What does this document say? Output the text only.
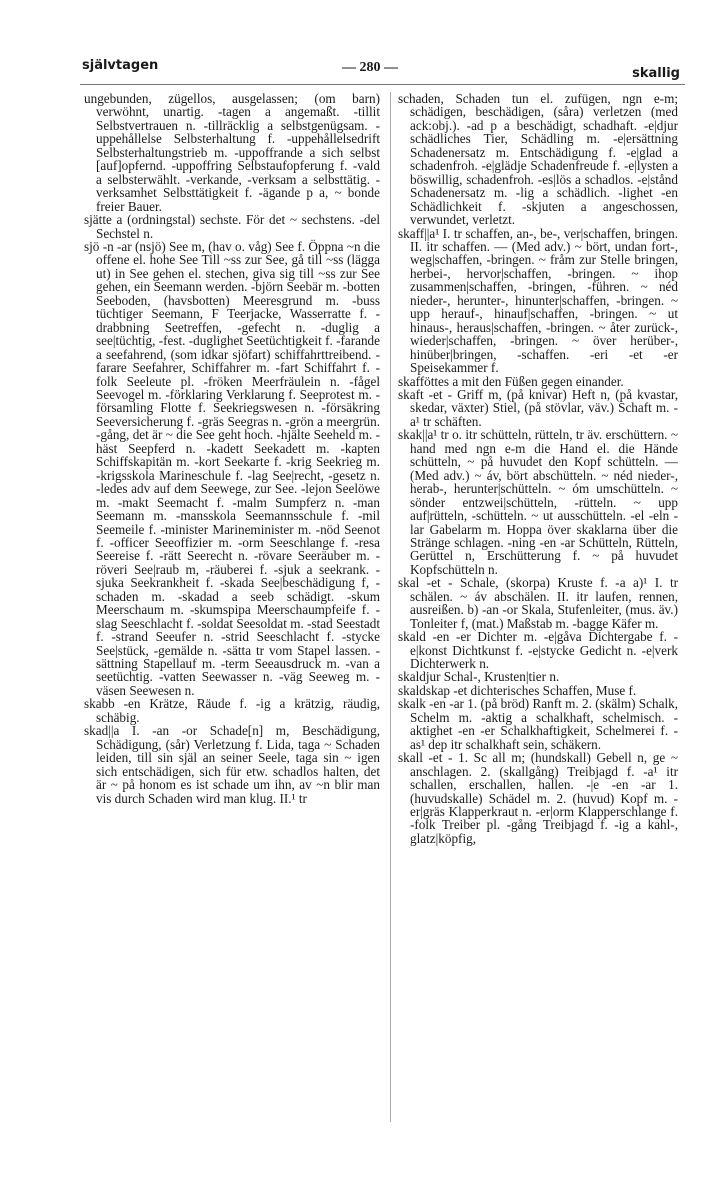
självtagen	— 280 —	skallig

ungebunden, zügellos, ausgelassen; (om barn) verwöhnt, unartig. -tagen a angemaßt. -tillit Selbstvertrauen n. -tillräcklig a selbstgenügsam. -uppehållelse Selbsterhaltung f. -uppehållelsedrift Selbsterhaltungstrieb m. -uppoffrande a sich selbst [auf]opfernd. -uppoffring Selbstaufopferung f. -vald a selbsterwählt. -verkande, -verksam a selbsttätig. -verksamhet Selbsttätigkeit f. -ägande p a, ~ bonde freier Bauer.

sjätte a (ordningstal) sechste. För det ~ sechstens. -del Sechstel n.

sjö -n -ar (nsjö) See m, (hav o. våg) See f. Öppna ~n die offene el. hohe See Till ~ss zur See, gå till ~ss (lägga ut) in See gehen el. stechen, giva sig till ~ss zur See gehen, ein Seemann werden. -björn Seebär m. -botten Seeboden, (havsbotten) Meeresgrund m. -buss tüchtiger Seemann, F Teerjacke, Wasserratte f. -drabbning Seetreffen, -gefecht n. -duglig a see|tüchtig, -fest. -duglighet Seetüchtigkeit f. -farande a seefahrend, (som idkar sjöfart) schiffahrttreibend. -farare Seefahrer, Schiffahrer m. -fart Schiffahrt f. -folk Seeleute pl. -fröken Meerfräulein n. -fågel Seevogel m. -förklaring Verklarung f. Seeprotest m. -församling Flotte f. Seekriegswesen n. -försäkring Seeversicherung f. -gräs Seegras n. -grön a meergrün. -gång, det är ~ die See geht hoch. -hjälte Seeheld m. -häst Seepferd n. -kadett Seekadett m. -kapten Schiffskapitän m. -kort Seekarte f. -krig Seekrieg m. -krigsskola Marineschule f. -lag See|recht, -gesetz n. -ledes adv auf dem Seewege, zur See. -lejon Seelöwe m. -makt Seemacht f. -malm Sumpferz n. -man Seemann m. -mansskola Seemannsschule f. -mil Seemeile f. -minister Marineminister m. -nöd Seenot f. -officer Seeoffizier m. -orm Seeschlange f. -resa Seereise f. -rätt Seerecht n. -rövare Seeräuber m. -röveri See|raub m, -räuberei f. -sjuk a seekrank. -sjuka Seekrankheit f. -skada See|beschädigung f, -schaden m. -skadad a seeb schädigt. -skum Meerschaum m. -skumspipa Meerschaumpfeife f. -slag Seeschlacht f. -soldat Seesoldat m. -stad Seestadt f. -strand Seeufer n. -strid Seeschlacht f. -stycke See|stück, -gemälde n. -sätta tr vom Stapel lassen. -sättning Stapellauf m. -term Seeausdruck m. -van a seetüchtig. -vatten Seewasser n. -väg Seeweg m. -väsen Seewesen n.

skabb -en Krätze, Räude f. -ig a krätzig, räudig, schäbig.

skad||a I. -an -or Schade[n] m, Beschädigung, Schädigung, (sår) Verletzung f. Lida, taga ~ Schaden leiden, till sin själ an seiner Seele, taga sin ~ igen sich entschädigen, sich für etw. schadlos halten, det är ~ på honom es ist schade um ihn, av ~n blir man vis durch Schaden wird man klug. II.¹ tr

schaden, Schaden tun el. zufügen, ngn e-m; schädigen, beschädigen, (såra) verletzen (med ack:obj.). -ad p a beschädigt, schadhaft. -e|djur schädliches Tier, Schädling m. -e|ersättning Schadenersatz m. Entschädigung f. -e|glad a schadenfroh. -e|glädje Schadenfreude f. -e|lysten a böswillig, schadenfroh. -es|lös a schadlos. -e|stånd Schadenersatz m. -lig a schädlich. -lighet -en Schädlichkeit f. -skjuten a angeschossen, verwundet, verletzt.

skaff||a¹ I. tr schaffen, an-, be-, ver|schaffen, bringen. II. itr schaffen. — (Med adv.) ~ bört, undan fort-, weg|schaffen, -bringen. ~ fråm zur Stelle bringen, herbei-, hervor|schaffen, -bringen. ~ ihop zusammen|schaffen, -bringen, -führen. ~ néd nieder-, herunter-, hinunter|schaffen, -bringen. ~ upp herauf-, hinauf|schaffen, -bringen. ~ ut hinaus-, heraus|schaffen, -bringen. ~ åter zurück-, wieder|schaffen, -bringen. ~ över herüber-, hinüber|bringen, -schaffen. -eri -et -er Speisekammer f.

skafföttes a mit den Füßen gegen einander.

skaft -et - Griff m, (på knivar) Heft n, (på kvastar, skedar, växter) Stiel, (på stövlar, väv.) Schaft m. -a¹ tr schäften.

skak||a¹ tr o. itr schütteln, rütteln, tr äv. erschüttern. ~ hand med ngn e-m die Hand el. die Hände schütteln, ~ på huvudet den Kopf schütteln. — (Med adv.) ~ áv, bört abschütteln. ~ néd nieder-, herab-, herunter|schütteln. ~ óm umschütteln. ~ sönder entzwei|schütteln, -rütteln. ~ upp auf|rütteln, -schütteln. ~ ut ausschütteln. -el -eln -lar Gabelarm m. Hoppa över skaklarna über die Stränge schlagen. -ning -en -ar Schütteln, Rütteln, Gerüttel n, Erschütterung f. ~ på huvudet Kopfschütteln n.

skal -et - Schale, (skorpa) Kruste f. -a a)¹ I. tr schälen. ~ áv abschälen. II. itr laufen, rennen, ausreißen. b) -an -or Skala, Stufenleiter, (mus. äv.) Tonleiter f, (mat.) Maßstab m. -bagge Käfer m.

skald -en -er Dichter m. -e|gåva Dichtergabe f. -e|konst Dichtkunst f. -e|stycke Gedicht n. -e|verk Dichterwerk n.

skaldjur Schal-, Krusten|tier n.

skaldskap -et dichterisches Schaffen, Muse f.

skalk -en -ar 1. (på bröd) Ranft m. 2. (skälm) Schalk, Schelm m. -aktig a schalkhaft, schelmisch. -aktighet -en -er Schalkhaftigkeit, Schelmerei f. -as¹ dep itr schalkhaft sein, schäkern.

skall -et - 1. Sc all m; (hundskall) Gebell n, ge ~ anschlagen. 2. (skallgång) Treibjagd f. -a¹ itr schallen, erschallen, hallen. -|e -en -ar 1. (huvudskalle) Schädel m. 2. (huvud) Kopf m. -er|gräs Klapperkraut n. -er|orm Klapperschlange f. -folk Treiber pl. -gång Treibjagd f. -ig a kahl-, glatz|köpfig,
